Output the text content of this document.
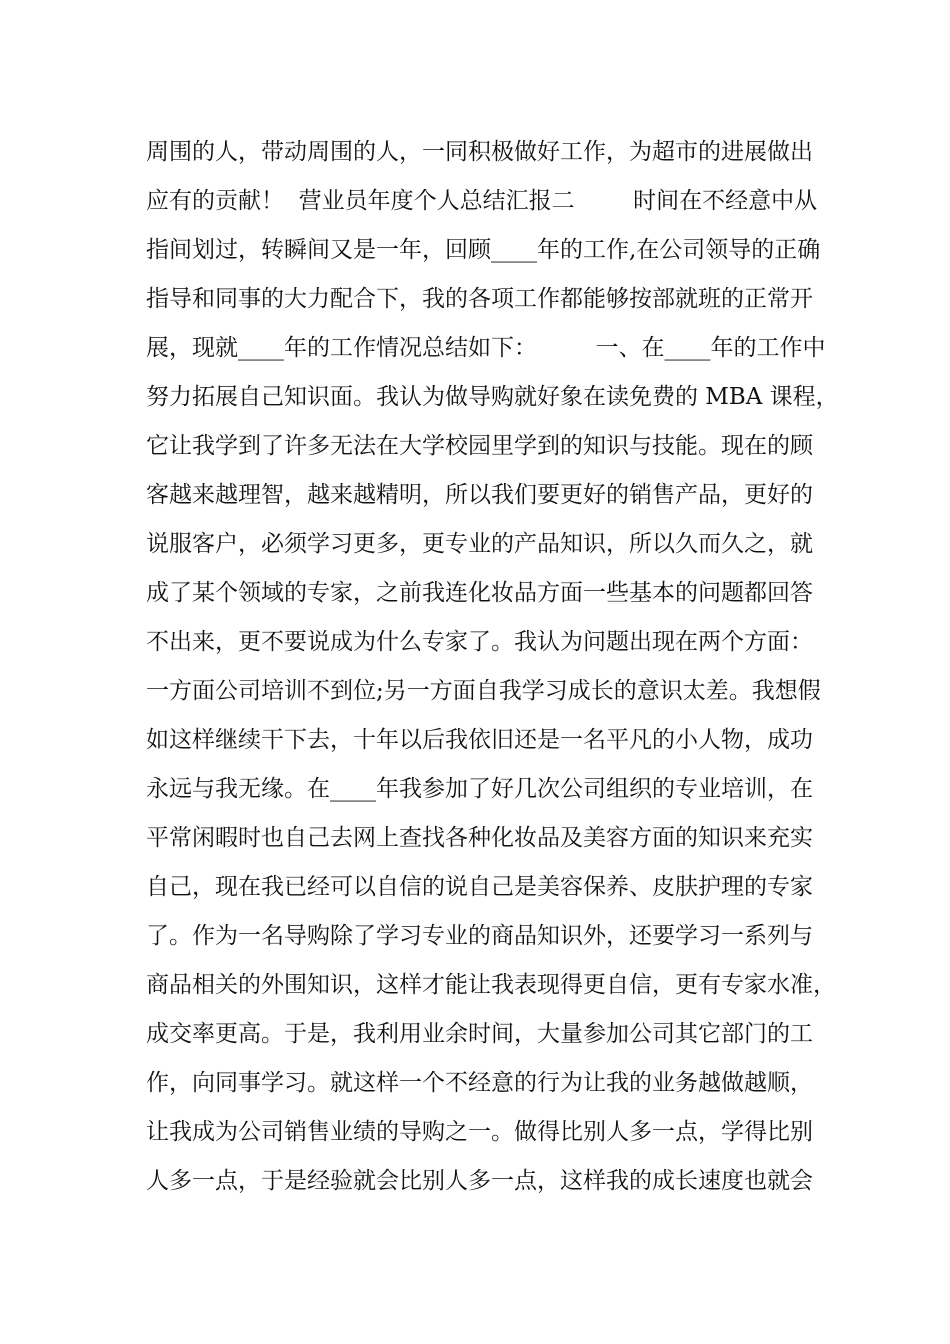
周围的人，带动周围的人，一同积极做好工作，为超市的进展做出
应有的贡献！  营业员年度个人总结汇报二        时间在不经意中从
指间划过，转瞬间又是一年，回顾____年的工作,在公司领导的正确
指导和同事的大力配合下，我的各项工作都能够按部就班的正常开
展，现就____年的工作情况总结如下：        一、在____年的工作中
努力拓展自己知识面。我认为做导购就好象在读免费的 MBA 课程，
它让我学到了许多无法在大学校园里学到的知识与技能。现在的顾
客越来越理智，越来越精明，所以我们要更好的销售产品，更好的
说服客户，必须学习更多，更专业的产品知识，所以久而久之，就
成了某个领域的专家，之前我连化妆品方面一些基本的问题都回答
不出来，更不要说成为什么专家了。我认为问题出现在两个方面：
一方面公司培训不到位;另一方面自我学习成长的意识太差。我想假
如这样继续干下去，十年以后我依旧还是一名平凡的小人物，成功
永远与我无缘。在____年我参加了好几次公司组织的专业培训，在
平常闲暇时也自己去网上查找各种化妆品及美容方面的知识来充实
自己，现在我已经可以自信的说自己是美容保养、皮肤护理的专家
了。作为一名导购除了学习专业的商品知识外，还要学习一系列与
商品相关的外围知识，这样才能让我表现得更自信，更有专家水准，
成交率更高。于是，我利用业余时间，大量参加公司其它部门的工
作，向同事学习。就这样一个不经意的行为让我的业务越做越顺，
让我成为公司销售业绩的导购之一。做得比别人多一点，学得比别
人多一点，于是经验就会比别人多一点，这样我的成长速度也就会
